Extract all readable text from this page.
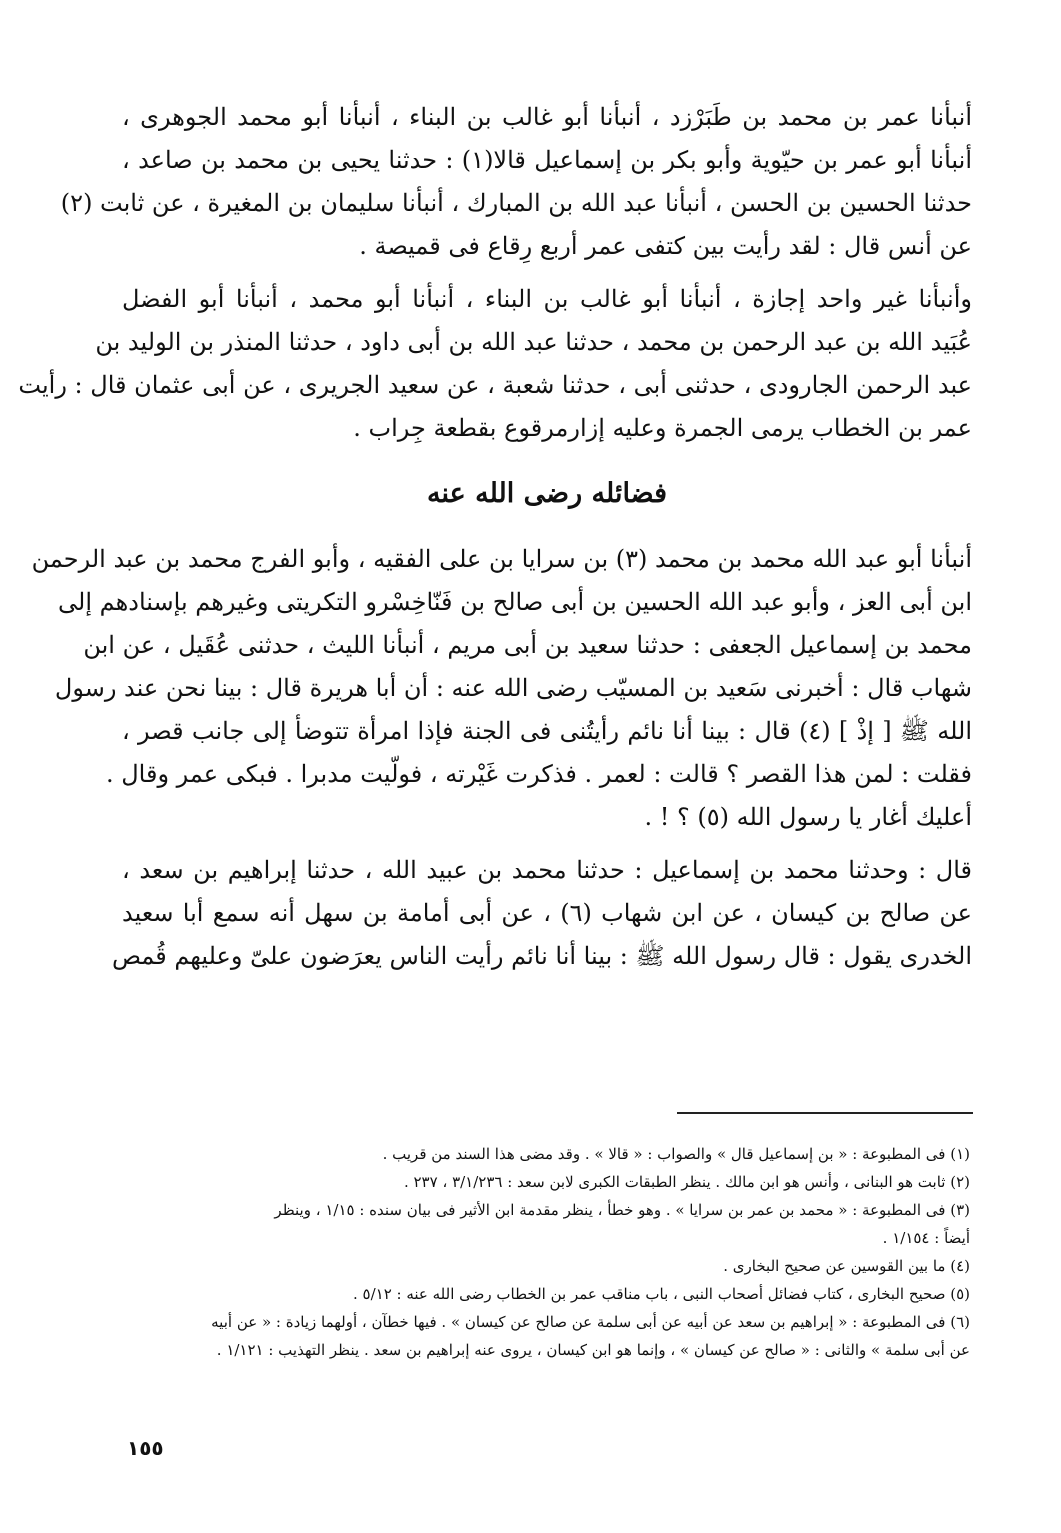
أنبأنا عمر بن محمد بن طَبَرْزد ، أنبأنا أبو غالب بن البناء ، أنبأنا أبو محمد الجوهرى ،
أنبأنا أبو عمر بن حيّوية وأبو بكر بن إسماعيل قالا(١) : حدثنا يحيى بن محمد بن صاعد ،
حدثنا الحسين بن الحسن ، أنبأنا عبد الله بن المبارك ، أنبأنا سليمان بن المغيرة ، عن ثابت (٢)
عن أنس قال : لقد رأيت بين كتفى عمر أربع رِقاع فى قميصة .
وأنبأنا غير واحد إجازة ، أنبأنا أبو غالب بن البناء ، أنبأنا أبو محمد ، أنبأنا أبو الفضل
عُبَيد الله بن عبد الرحمن بن محمد ، حدثنا عبد الله بن أبى داود ، حدثنا المنذر بن الوليد بن
عبد الرحمن الجارودى ، حدثنى أبى ، حدثنا شعبة ، عن سعيد الجريرى ، عن أبى عثمان قال : رأيت
عمر بن الخطاب يرمى الجمرة وعليه إزارمرقوع بقطعة جِراب .
فضائله رضى الله عنه
أنبأنا أبو عبد الله محمد بن محمد (٣) بن سرايا بن على الفقيه ، وأبو الفرج محمد بن عبد الرحمن
ابن أبى العز ، وأبو عبد الله الحسين بن أبى صالح بن فَنّاخِسْرو التكريتى وغيرهم بإسنادهم إلى
محمد بن إسماعيل الجعفى : حدثنا سعيد بن أبى مريم ، أنبأنا الليث ، حدثنى عُقَيل ، عن ابن
شهاب قال : أخبرنى سَعيد بن المسيّب رضى الله عنه : أن أبا هريرة قال : بينا نحن عند رسول
الله ﷺ [ إذْ ] (٤) قال : بينا أنا نائم رأيتُنى فى الجنة فإذا امرأة تتوضأ إلى جانب قصر ،
فقلت : لمن هذا القصر ؟ قالت : لعمر . فذكرت غَيْرته ، فولّيت مدبرا . فبكى عمر وقال .
أعليك أغار يا رسول الله (٥) ؟ ! .
قال : وحدثنا محمد بن إسماعيل : حدثنا محمد بن عبيد الله ، حدثنا إبراهيم بن سعد ،
عن صالح بن كيسان ، عن ابن شهاب (٦) ، عن أبى أمامة بن سهل أنه سمع أبا سعيد
الخدرى يقول : قال رسول الله ﷺ : بينا أنا نائم رأيت الناس يعرَضون علىّ وعليهم قُمص
(١) فى المطبوعة : « بن إسماعيل قال » والصواب : « قالا » . وقد مضى هذا السند من قريب .
(٢) ثابت هو البنانى ، وأنس هو ابن مالك . ينظر الطبقات الكبرى لابن سعد : ٣/١/٢٣٦ ، ٢٣٧ .
(٣) فى المطبوعة : « محمد بن عمر بن سرايا » . وهو خطأ ، ينظر مقدمة ابن الأثير فى بيان سنده : ١/١٥ ، وينظر
أيضاً : ١/١٥٤ .
(٤) ما بين القوسين عن صحيح البخارى .
(٥) صحيح البخارى ، كتاب فضائل أصحاب النبى ، باب مناقب عمر بن الخطاب رضى الله عنه : ٥/١٢ .
(٦) فى المطبوعة : « إبراهيم بن سعد عن أبيه عن أبى سلمة عن صالح عن كيسان » . فيها خطآن ، أولهما زيادة : « عن أبيه
عن أبى سلمة » والثانى : « صالح عن كيسان » ، وإنما هو ابن كيسان ، يروى عنه إبراهيم بن سعد . ينظر التهذيب : ١/١٢١ .
١٥٥
